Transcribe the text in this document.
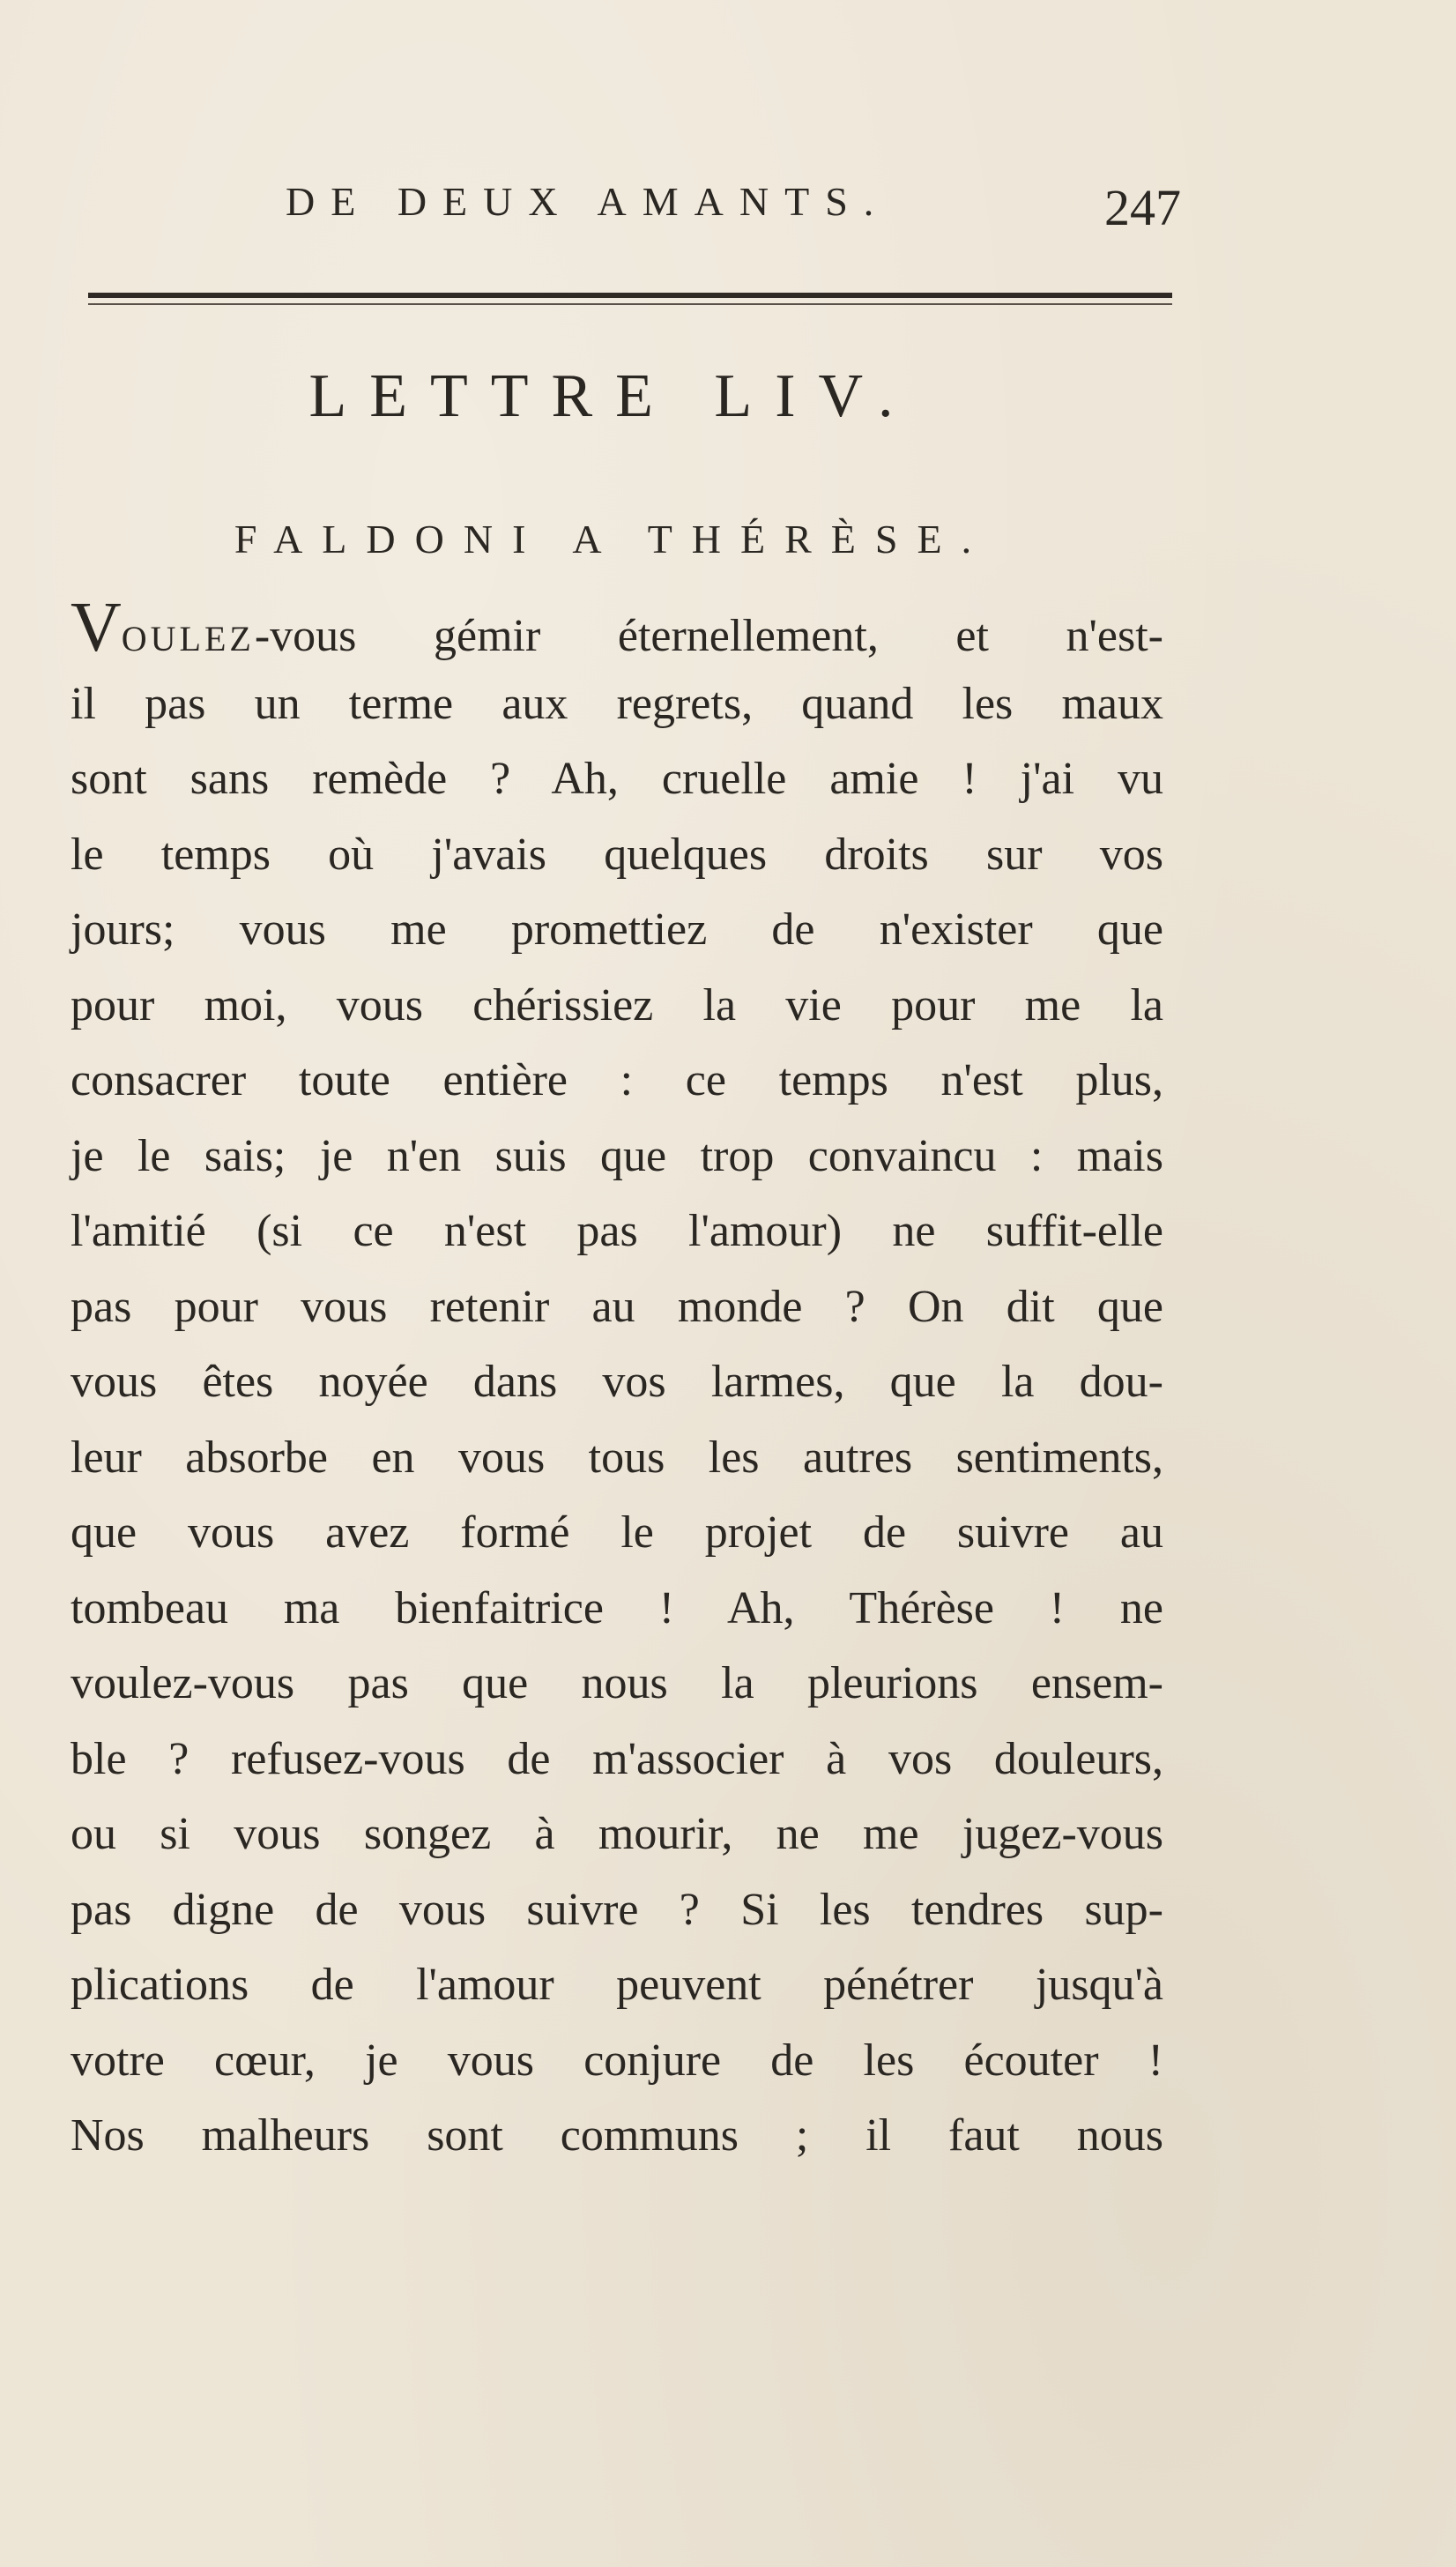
DE DEUX AMANTS.	247
LETTRE LIV.
FALDONI A THÉRÈSE.
VOULEZ-vous gémir éternellement, et n'est-
il pas un terme aux regrets, quand les maux
sont sans remède ? Ah, cruelle amie ! j'ai vu
le temps où j'avais quelques droits sur vos
jours; vous me promettiez de n'exister que
pour moi, vous chérissiez la vie pour me la
consacrer toute entière : ce temps n'est plus,
je le sais; je n'en suis que trop convaincu : mais
l'amitié (si ce n'est pas l'amour) ne suffit-elle
pas pour vous retenir au monde ? On dit que
vous êtes noyée dans vos larmes, que la dou-
leur absorbe en vous tous les autres sentiments,
que vous avez formé le projet de suivre au
tombeau ma bienfaitrice ! Ah, Thérèse ! ne
voulez-vous pas que nous la pleurions ensem-
ble ? refusez-vous de m'associer à vos douleurs,
ou si vous songez à mourir, ne me jugez-vous
pas digne de vous suivre ? Si les tendres sup-
plications de l'amour peuvent pénétrer jusqu'à
votre cœur, je vous conjure de les écouter !
Nos malheurs sont communs ; il faut nous
